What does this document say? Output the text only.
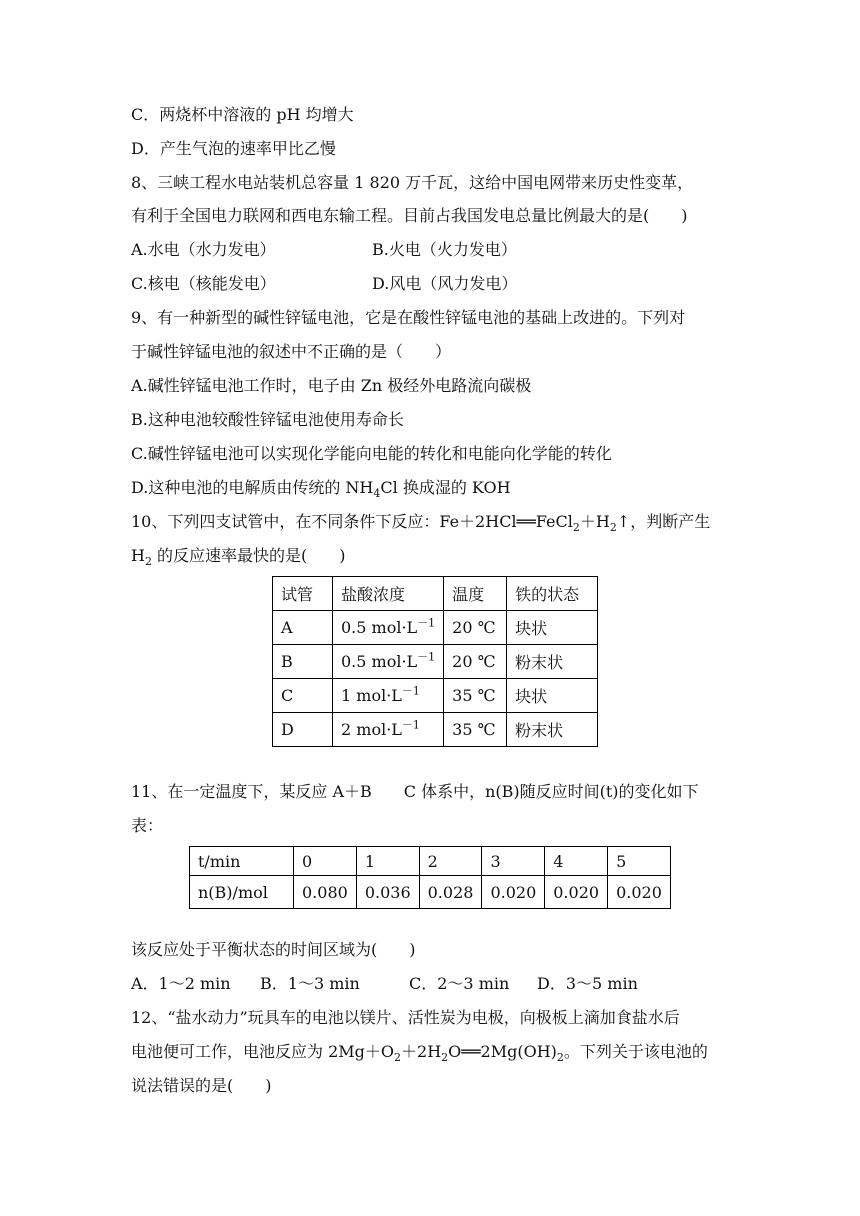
C．两烧杯中溶液的 pH 均增大
D．产生气泡的速率甲比乙慢
8、三峡工程水电站装机总容量 1 820 万千瓦，这给中国电网带来历史性变革，
有利于全国电力联网和西电东输工程。目前占我国发电总量比例最大的是(　　)
A.水电（水力发电）	B.火电（火力发电）
C.核电（核能发电）	D.风电（风力发电）
9、有一种新型的碱性锌锰电池，它是在酸性锌锰电池的基础上改进的。下列对
于碱性锌锰电池的叙述中不正确的是（　　）
A.碱性锌锰电池工作时，电子由 Zn 极经外电路流向碳极
B.这种电池较酸性锌锰电池使用寿命长
C.碱性锌锰电池可以实现化学能向电能的转化和电能向化学能的转化
D.这种电池的电解质由传统的 $NH_4Cl$ 换成湿的 KOH
10、下列四支试管中，在不同条件下反应：$Fe+2HCl══FeCl_2+H_2↑$，判断产生
$H_2$ 的反应速率最快的是(　　)
试管	盐酸浓度	温度	铁的状态
A	0.5 $mol\cdot L^{-1}$	20 ℃	块状
B	0.5 $mol\cdot L^{-1}$	20 ℃	粉末状
C	1 $mol\cdot L^{-1}$	35 ℃	块状
D	2 $mol\cdot L^{-1}$	35 ℃	粉末状
11、在一定温度下，某反应 A＋B　　C 体系中，n(B)随反应时间(t)的变化如下
表：
t/min	0	1	2	3	4	5
n(B)/mol	0.080	0.036	0.028	0.020	0.020	0.020
该反应处于平衡状态的时间区域为(　　)
A．1～2 min B．1～3 min	C．2～3 min D．3～5 min
12、“盐水动力”玩具车的电池以镁片、活性炭为电极，向极板上滴加食盐水后
电池便可工作，电池反应为 $2Mg+O_2+2H_2O══2Mg(OH)_2$。下列关于该电池的
说法错误的是(　　)
